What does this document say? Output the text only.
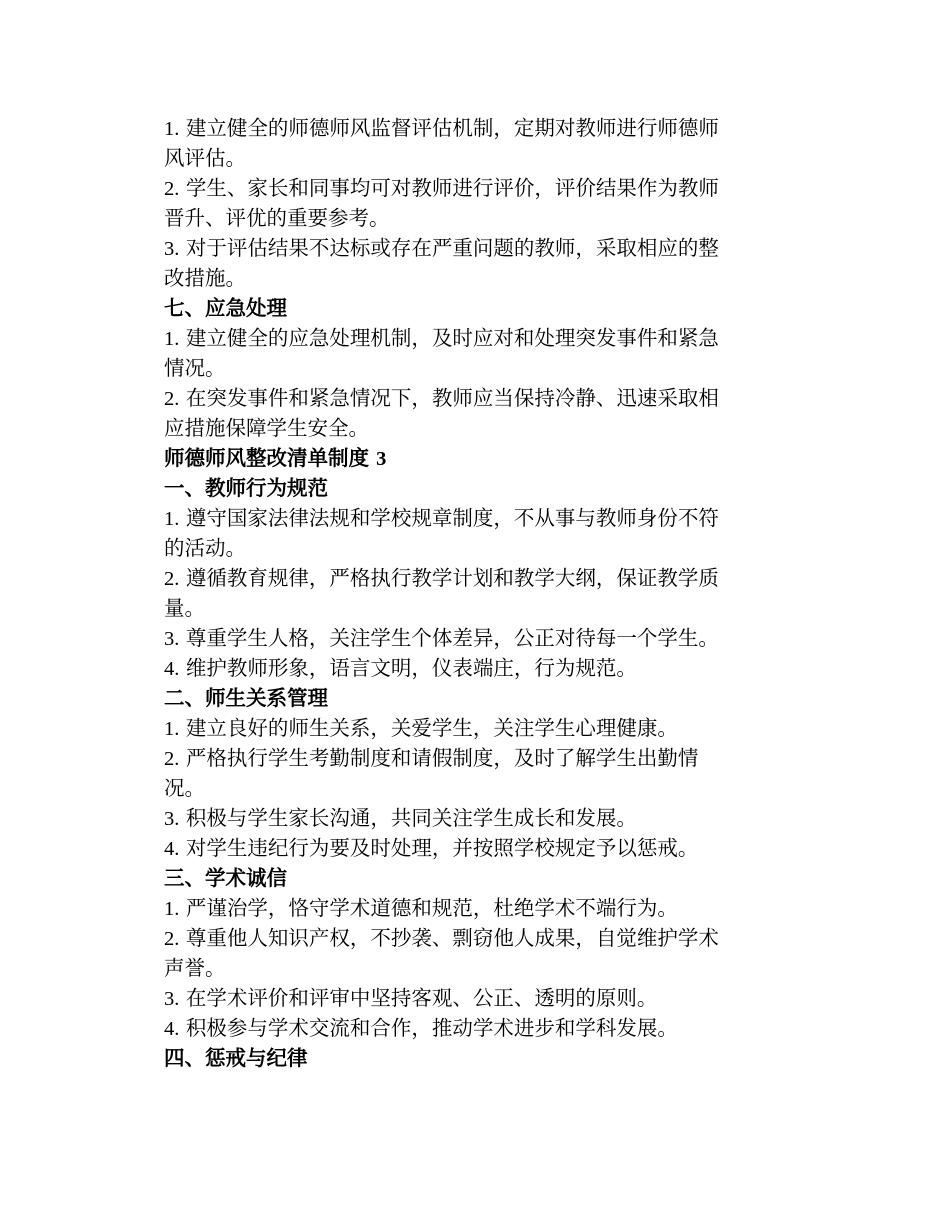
1. 建立健全的师德师风监督评估机制，定期对教师进行师德师
风评估。
2. 学生、家长和同事均可对教师进行评价，评价结果作为教师
晋升、评优的重要参考。
3. 对于评估结果不达标或存在严重问题的教师，采取相应的整
改措施。
七、应急处理
1. 建立健全的应急处理机制，及时应对和处理突发事件和紧急
情况。
2. 在突发事件和紧急情况下，教师应当保持冷静、迅速采取相
应措施保障学生安全。
师德师风整改清单制度 3
一、教师行为规范
1. 遵守国家法律法规和学校规章制度，不从事与教师身份不符
的活动。
2. 遵循教育规律，严格执行教学计划和教学大纲，保证教学质
量。
3. 尊重学生人格，关注学生个体差异，公正对待每一个学生。
4. 维护教师形象，语言文明，仪表端庄，行为规范。
二、师生关系管理
1. 建立良好的师生关系，关爱学生，关注学生心理健康。
2. 严格执行学生考勤制度和请假制度，及时了解学生出勤情
况。
3. 积极与学生家长沟通，共同关注学生成长和发展。
4. 对学生违纪行为要及时处理，并按照学校规定予以惩戒。
三、学术诚信
1. 严谨治学，恪守学术道德和规范，杜绝学术不端行为。
2. 尊重他人知识产权，不抄袭、剽窃他人成果，自觉维护学术
声誉。
3. 在学术评价和评审中坚持客观、公正、透明的原则。
4. 积极参与学术交流和合作，推动学术进步和学科发展。
四、惩戒与纪律
